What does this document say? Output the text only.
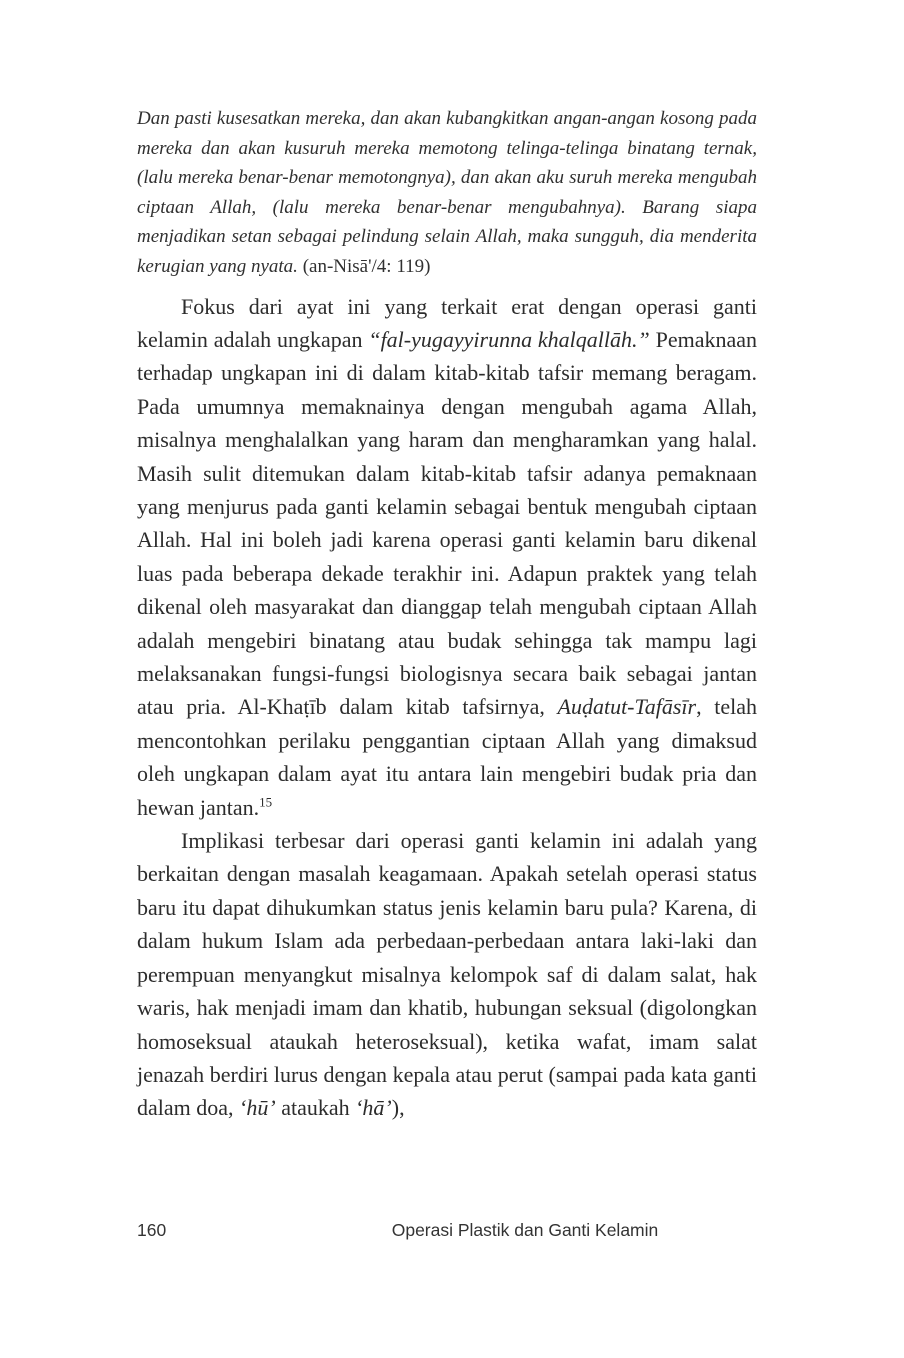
Dan pasti kusesatkan mereka, dan akan kubangkitkan angan-angan kosong pada mereka dan akan kusuruh mereka memotong telinga-telinga binatang ternak, (lalu mereka benar-benar memotongnya), dan akan aku suruh mereka mengubah ciptaan Allah, (lalu mereka benar-benar mengubahnya). Barang siapa menjadikan setan sebagai pelindung selain Allah, maka sungguh, dia menderita kerugian yang nyata. (an-Nisā'/4: 119)

Fokus dari ayat ini yang terkait erat dengan operasi ganti kelamin adalah ungkapan “fal-yugayyirunna khalqallāh.” Pemaknaan terhadap ungkapan ini di dalam kitab-kitab tafsir memang beragam. Pada umumnya memaknainya dengan mengubah agama Allah, misalnya menghalalkan yang haram dan mengharamkan yang halal. Masih sulit ditemukan dalam kitab-kitab tafsir adanya pemaknaan yang menjurus pada ganti kelamin sebagai bentuk mengubah ciptaan Allah. Hal ini boleh jadi karena operasi ganti kelamin baru dikenal luas pada beberapa dekade terakhir ini. Adapun praktek yang telah dikenal oleh masyarakat dan dianggap telah mengubah ciptaan Allah adalah mengebiri binatang atau budak sehingga tak mampu lagi melaksanakan fungsi-fungsi biologisnya secara baik sebagai jantan atau pria. Al-Khaṭīb dalam kitab tafsirnya, Auḍatut-Tafāsīr, telah mencontohkan perilaku penggantian ciptaan Allah yang dimaksud oleh ungkapan dalam ayat itu antara lain mengebiri budak pria dan hewan jantan.$^{15}$

Implikasi terbesar dari operasi ganti kelamin ini adalah yang berkaitan dengan masalah keagamaan. Apakah setelah operasi status baru itu dapat dihukumkan status jenis kelamin baru pula? Karena, di dalam hukum Islam ada perbedaan-perbedaan antara laki-laki dan perempuan menyangkut misalnya kelompok saf di dalam salat, hak waris, hak menjadi imam dan khatib, hubungan seksual (digolongkan homoseksual ataukah heteroseksual), ketika wafat, imam salat jenazah berdiri lurus dengan kepala atau perut (sampai pada kata ganti dalam doa, ‘hū’ ataukah ‘hā’),

160	Operasi Plastik dan Ganti Kelamin
